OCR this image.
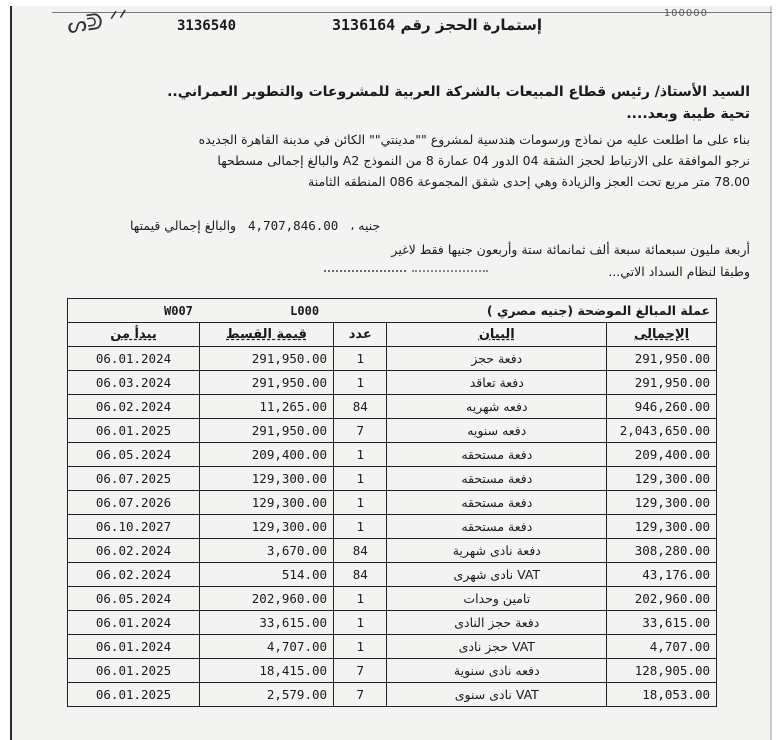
ᔕᕲ ᐟᐟ	100000
3136540	إستمارة الحجز رقم 3136164
السيد الأستاذ/ رئيس قطاع المبيعات بالشركة العربية للمشروعات والتطوير العمراني..
تحية طيبة وبعد....
بناء على ما اطلعت عليه من نماذج ورسومات هندسية لمشروع ""مدينتي"" الكائن في مدينة القاهرة الجديده
نرجو الموافقة على الارتباط لحجز الشقة 04 الدور 04 عمارة 8 من النموذج A2 والبالغ إجمالى مسطحها
78.00 متر مربع تحت العجز والزيادة وهي إحدى شقق المجموعة 086 المنطقه الثامنة
جنيه ،   4,707,846.00   والبالغ إجمالي قيمتها
أربعة مليون سبعمائة سبعة ألف ثمانمائة ستة وأربعون جنيها فقط لاغير
وطبقا لنظام السداد الاتي...
W007 L000 عملة المبالغ الموضحة (جنيه مصري )				

يبدأ من	قيمة القسط	عدد	البيان	الإجمالى
06.01.2024	291,950.00	1	دفعة حجز	291,950.00
06.03.2024	291,950.00	1	دفعة تعاقد	291,950.00
06.02.2024	11,265.00	84	دفعه شهريه	946,260.00
06.01.2025	291,950.00	7	دفعه سنويه	2,043,650.00
06.05.2024	209,400.00	1	دفعة مستحقه	209,400.00
06.07.2025	129,300.00	1	دفعة مستحقه	129,300.00
06.07.2026	129,300.00	1	دفعة مستحقه	129,300.00
06.10.2027	129,300.00	1	دفعة مستحقه	129,300.00
06.02.2024	3,670.00	84	دفعة نادى شهرية	308,280.00
06.02.2024	514.00	84	VAT نادى شهرى	43,176.00
06.05.2024	202,960.00	1	تامين وحدات	202,960.00
06.01.2024	33,615.00	1	دفعة حجز النادى	33,615.00
06.01.2024	4,707.00	1	VAT حجز نادى	4,707.00
06.01.2025	18,415.00	7	دفعه نادى سنوية	128,905.00
06.01.2025	2,579.00	7	VAT نادى سنوى	18,053.00
